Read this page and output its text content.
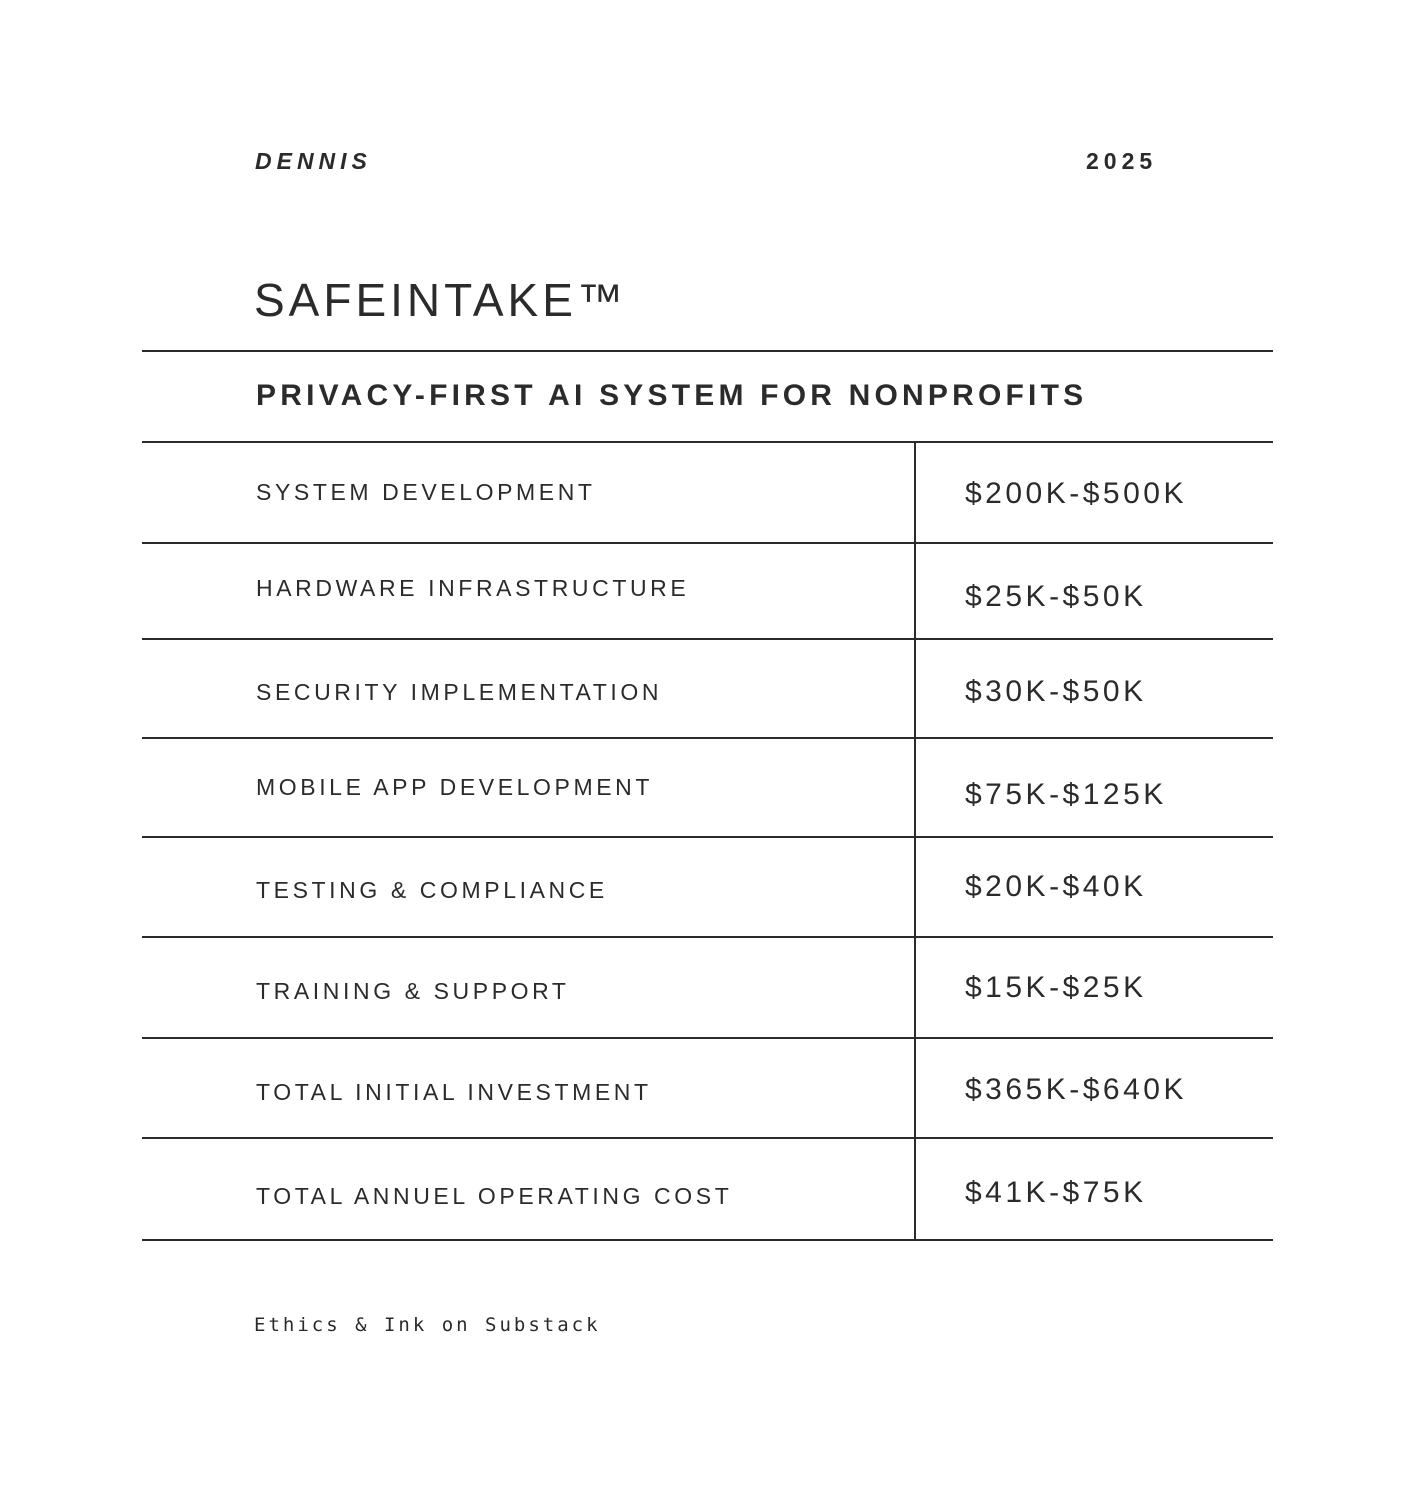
DENNIS	2025
SAFEINTAKE™
PRIVACY-FIRST AI SYSTEM FOR NONPROFITS
SYSTEM DEVELOPMENT	$200K-$500K
HARDWARE INFRASTRUCTURE	$25K-$50K
SECURITY IMPLEMENTATION	$30K-$50K
MOBILE APP DEVELOPMENT	$75K-$125K
TESTING & COMPLIANCE	$20K-$40K
TRAINING & SUPPORT	$15K-$25K
TOTAL INITIAL INVESTMENT	$365K-$640K
TOTAL ANNUEL OPERATING COST	$41K-$75K
Ethics & Ink on Substack
